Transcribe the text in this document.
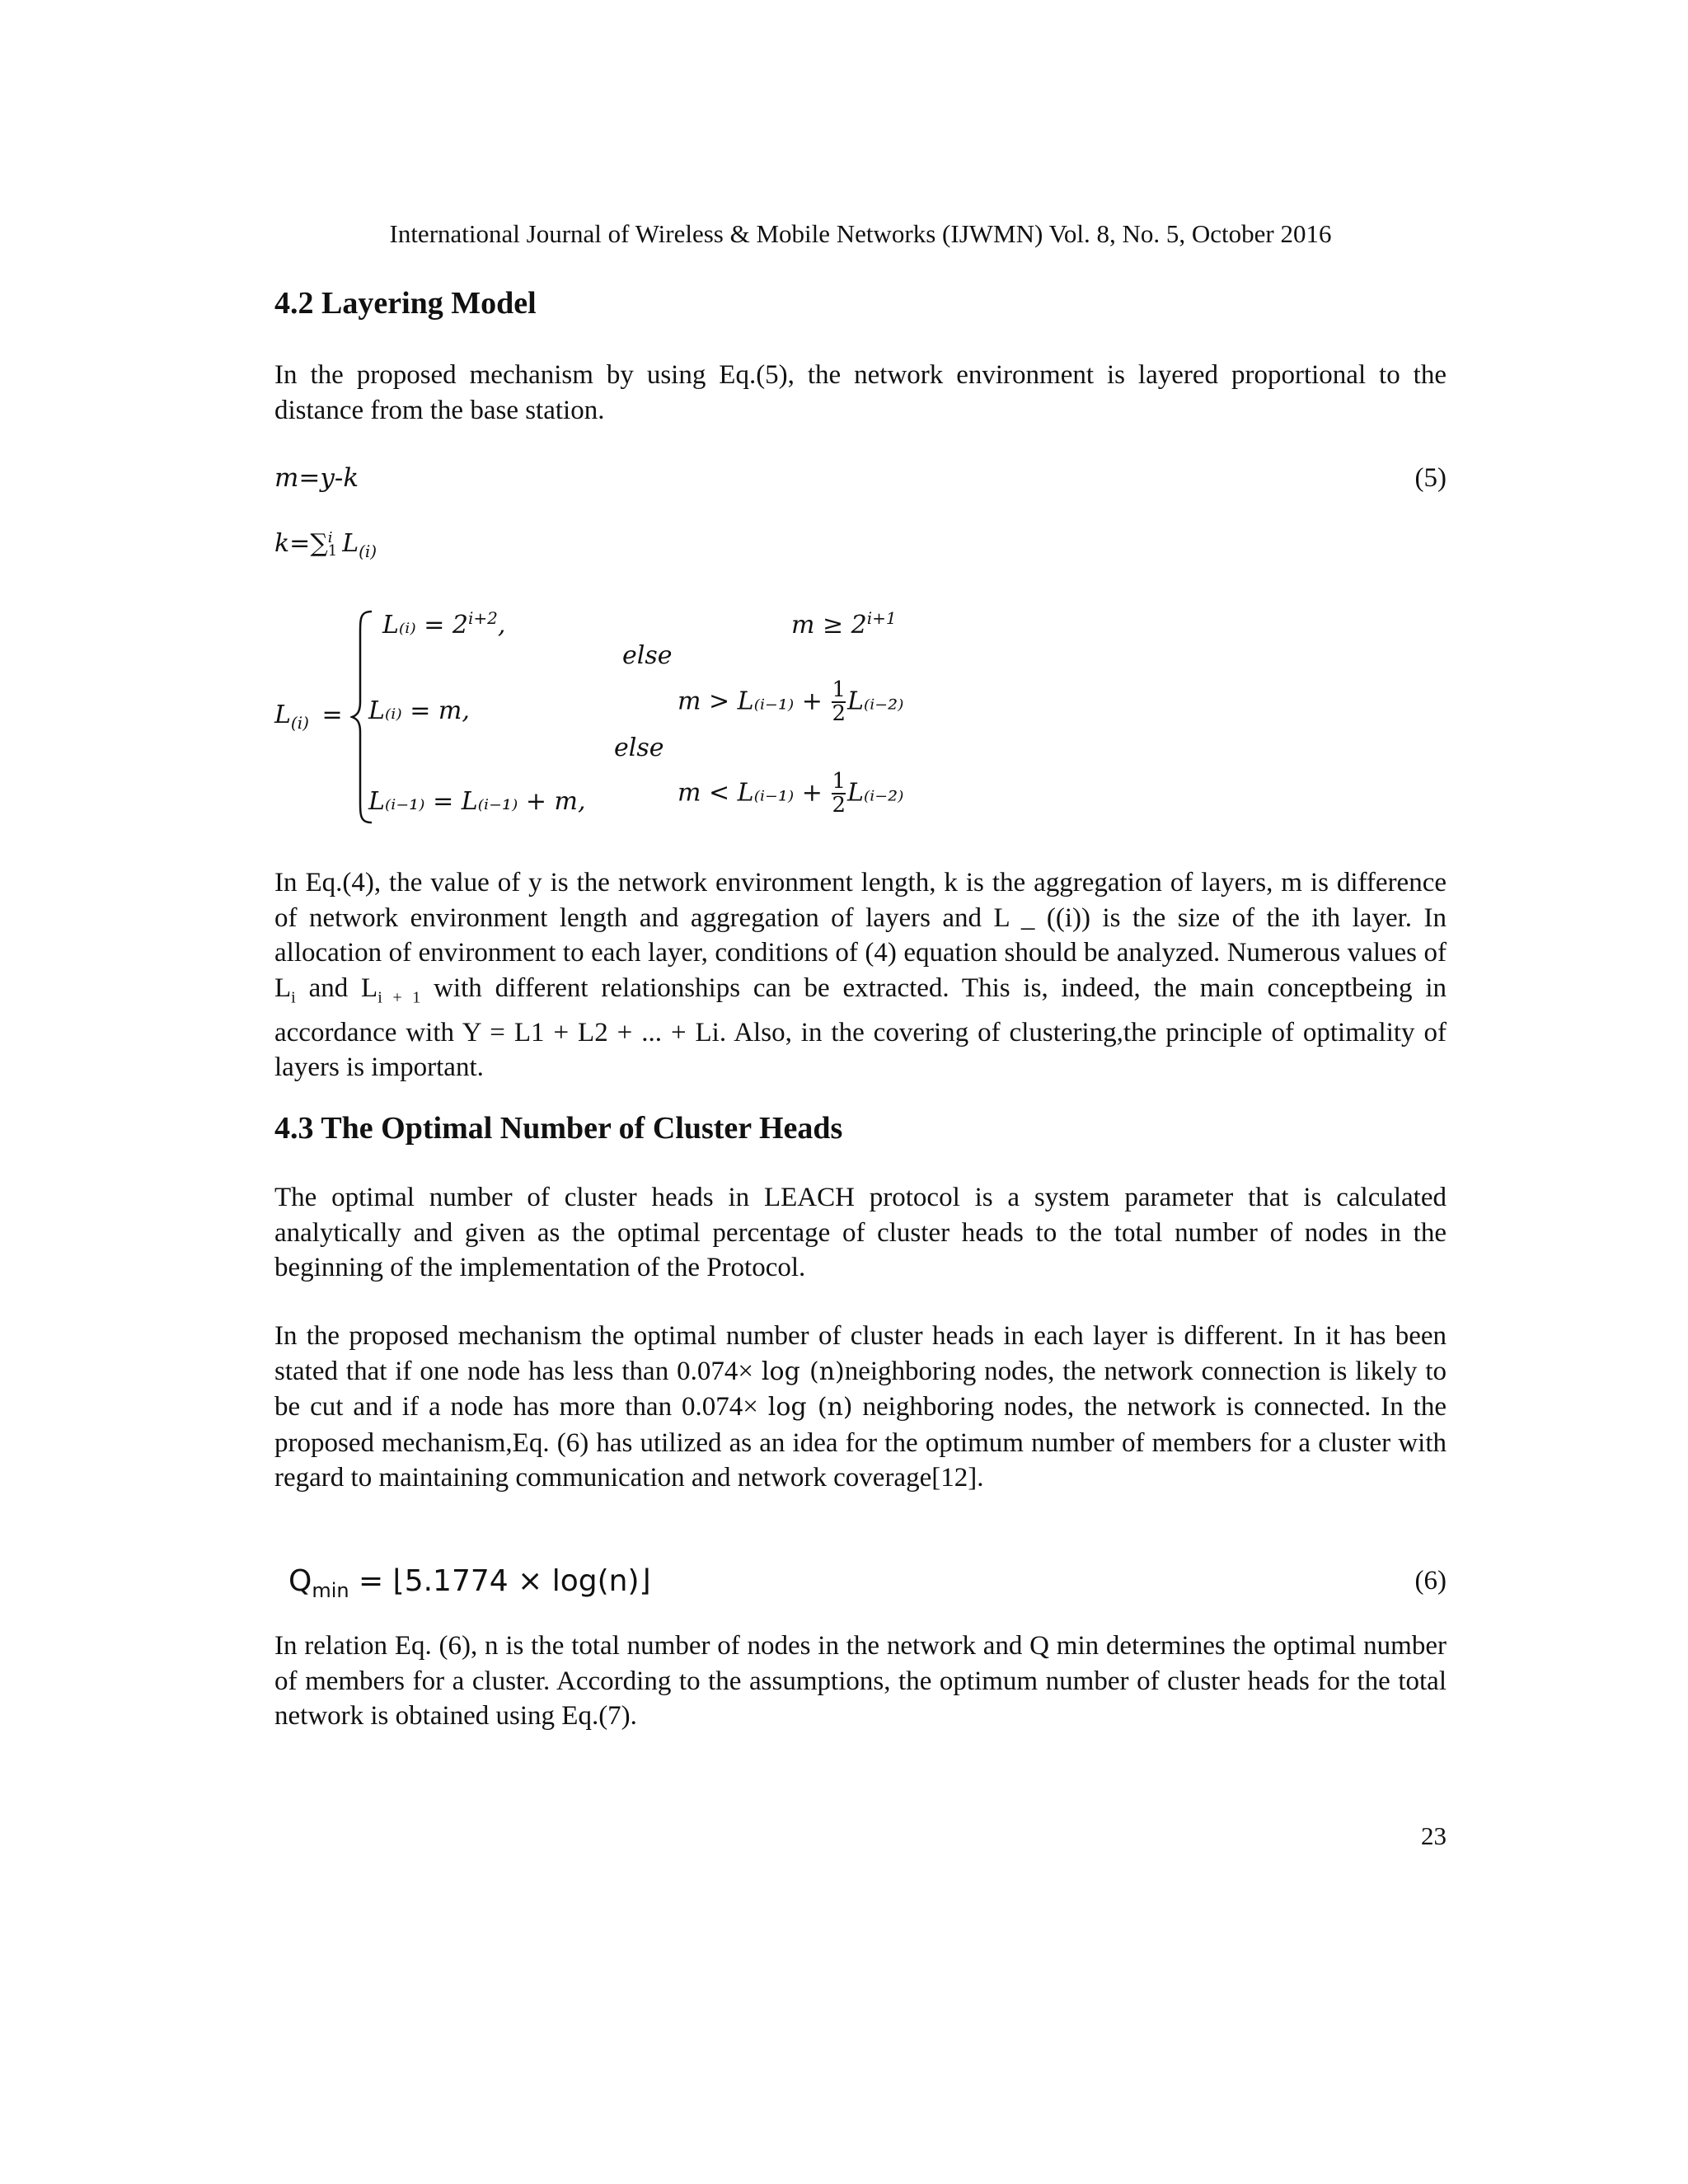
International Journal of Wireless & Mobile Networks (IJWMN) Vol. 8, No. 5, October 2016
4.2 Layering Model

In the proposed mechanism by using Eq.(5), the network environment is layered proportional to the distance from the base station.

m=y-k	(5)
k=∑ i
1 $L_{(i)}$
$L_{(i)}$ =
L₍ᵢ₎ = $2^{i+2}$,	$m \ge 2^{i+1}$
else
L₍ᵢ₎ = m,	m > L₍ᵢ₋₁₎ + $\frac{1}{2}$ L₍ᵢ₋₂₎
else
L₍ᵢ₋₁₎ = L₍ᵢ₋₁₎ + m,	m < L₍ᵢ₋₁₎ + $\frac{1}{2}$ L₍ᵢ₋₂₎

In Eq.(4), the value of y is the network environment length, k is the aggregation of layers, m is difference of network environment length and aggregation of layers and L _ ((i)) is the size of the ith layer. In allocation of environment to each layer, conditions of (4) equation should be analyzed. Numerous values of $L_i$ and $L_{i + 1}$ with different relationships can be extracted. This is, indeed, the main conceptbeing in accordance with Y = L1 + L2 + ... + Li. Also, in the covering of clustering,the principle of optimality of layers is important.

4.3 The Optimal Number of Cluster Heads

The optimal number of cluster heads in LEACH protocol is a system parameter that is calculated analytically and given as the optimal percentage of cluster heads to the total number of nodes in the beginning of the implementation of the Protocol.

In the proposed mechanism the optimal number of cluster heads in each layer is different. In it has been stated that if one node has less than 0.074× log (n)neighboring nodes, the network connection is likely to be cut and if a node has more than 0.074× log (n) neighboring nodes, the network is connected. In the proposed mechanism,Eq. (6) has utilized as an idea for the optimum number of members for a cluster with regard to maintaining communication and network coverage[12].

$Q_{min}$ = ⌊5.1774 × log(n)⌋	(6)

In relation Eq. (6), n is the total number of nodes in the network and Q min determines the optimal number of members for a cluster. According to the assumptions, the optimum number of cluster heads for the total network is obtained using Eq.(7).

23
